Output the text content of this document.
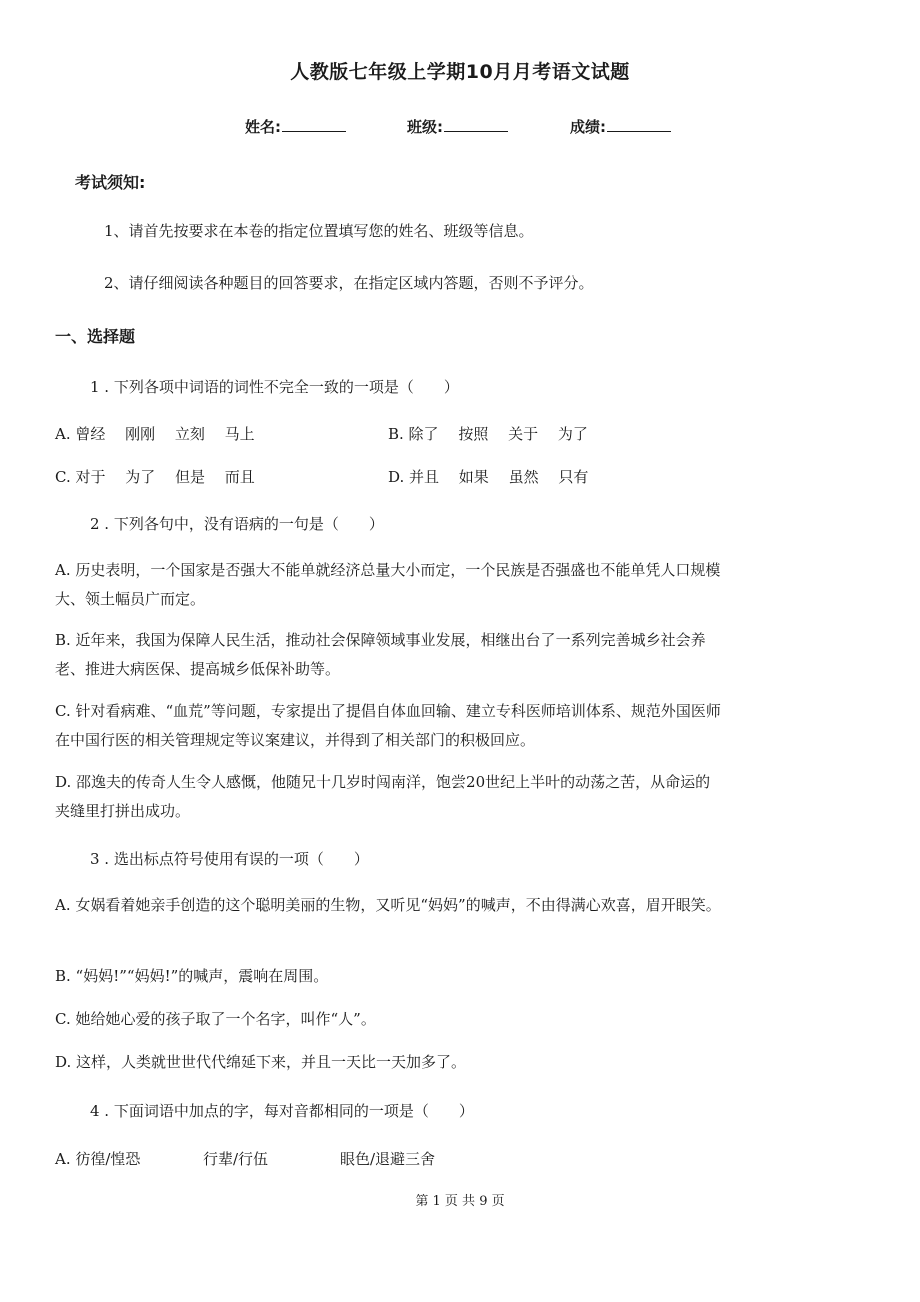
人教版七年级上学期10月月考语文试题
姓名:	班级:	成绩:
考试须知:
1、请首先按要求在本卷的指定位置填写您的姓名、班级等信息。
2、请仔细阅读各种题目的回答要求，在指定区域内答题，否则不予评分。
一、选择题
1 . 下列各项中词语的词性不完全一致的一项是（　　）
A. 曾经　 刚刚　 立刻　 马上	B. 除了　 按照　 关于　 为了
C. 对于　 为了　 但是　 而且	D. 并且　 如果　 虽然　 只有
2 . 下列各句中，没有语病的一句是（　　）
A. 历史表明，一个国家是否强大不能单就经济总量大小而定，一个民族是否强盛也不能单凭人口规模大、领土幅员广而定。
B. 近年来，我国为保障人民生活，推动社会保障领域事业发展，相继出台了一系列完善城乡社会养老、推进大病医保、提高城乡低保补助等。
C. 针对看病难、“血荒”等问题，专家提出了提倡自体血回输、建立专科医师培训体系、规范外国医师在中国行医的相关管理规定等议案建议，并得到了相关部门的积极回应。
D. 邵逸夫的传奇人生令人感慨，他随兄十几岁时闯南洋，饱尝20世纪上半叶的动荡之苦，从命运的夹缝里打拼出成功。
3 . 选出标点符号使用有误的一项（　　）
A. 女娲看着她亲手创造的这个聪明美丽的生物，又听见“妈妈”的喊声，不由得满心欢喜，眉开眼笑。
B. “妈妈!”“妈妈!”的喊声，震响在周围。
C. 她给她心爱的孩子取了一个名字，叫作“人”。
D. 这样，人类就世世代代绵延下来，并且一天比一天加多了。
4 . 下面词语中加点的字，每对音都相同的一项是（　　）
A. 彷徨/惶恐	行辈/行伍	眼色/退避三舍
第 1 页 共 9 页
